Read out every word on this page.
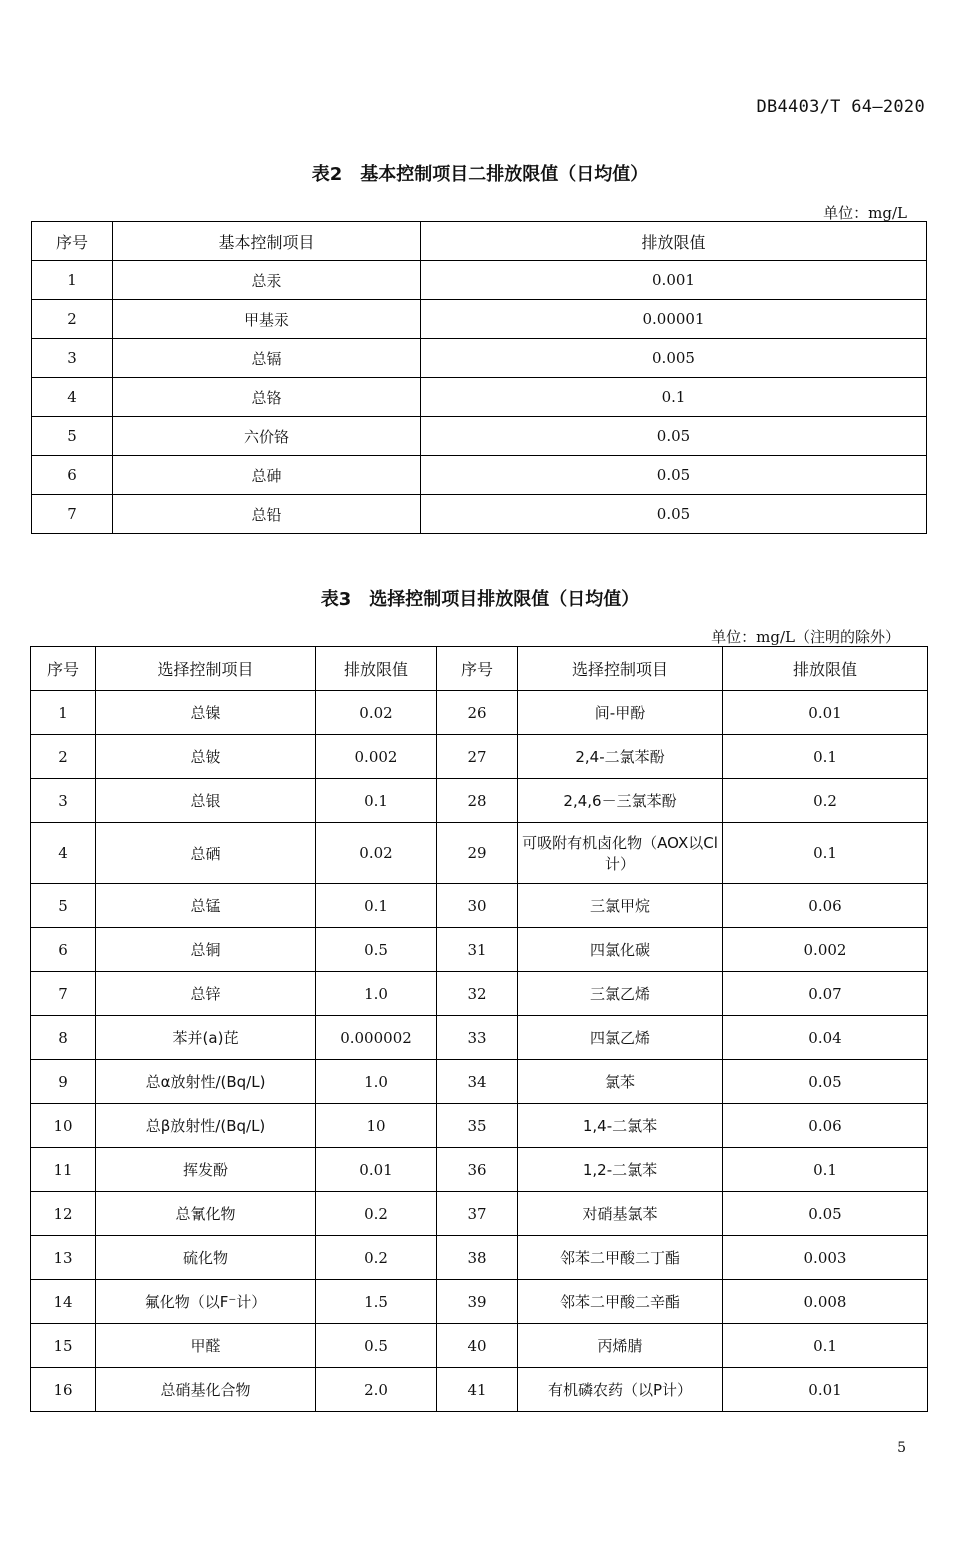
DB4403/T 64—2020
表2　基本控制项目二排放限值（日均值）
单位：mg/L
序号	基本控制项目	排放限值
1	总汞	0.001
2	甲基汞	0.00001
3	总镉	0.005
4	总铬	0.1
5	六价铬	0.05
6	总砷	0.05
7	总铅	0.05
表3　选择控制项目排放限值（日均值）
单位：mg/L（注明的除外）
序号	选择控制项目	排放限值	序号	选择控制项目	排放限值
1	总镍	0.02	26	间-甲酚	0.01
2	总铍	0.002	27	2,4-二氯苯酚	0.1
3	总银	0.1	28	2,4,6－三氯苯酚	0.2
4	总硒	0.02	29	可吸附有机卤化物（AOX以Cl计）	0.1
5	总锰	0.1	30	三氯甲烷	0.06
6	总铜	0.5	31	四氯化碳	0.002
7	总锌	1.0	32	三氯乙烯	0.07
8	苯并(a)芘	0.000002	33	四氯乙烯	0.04
9	总α放射性/(Bq/L)	1.0	34	氯苯	0.05
10	总β放射性/(Bq/L)	10	35	1,4-二氯苯	0.06
11	挥发酚	0.01	36	1,2-二氯苯	0.1
12	总氰化物	0.2	37	对硝基氯苯	0.05
13	硫化物	0.2	38	邻苯二甲酸二丁酯	0.003
14	氟化物（以F⁻计）	1.5	39	邻苯二甲酸二辛酯	0.008
15	甲醛	0.5	40	丙烯腈	0.1
16	总硝基化合物	2.0	41	有机磷农药（以P计）	0.01
5
